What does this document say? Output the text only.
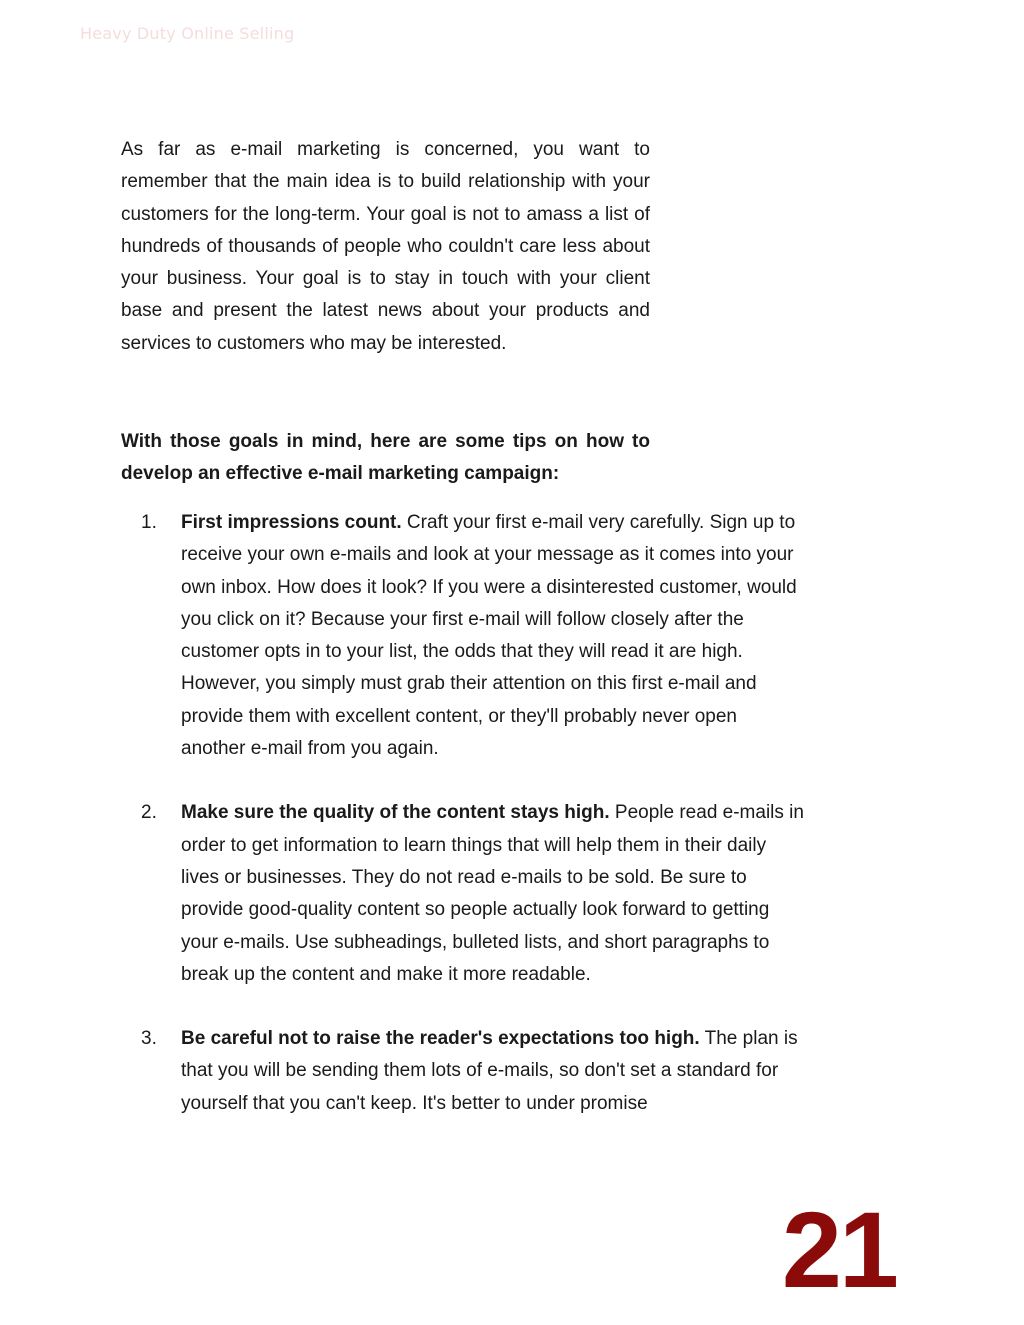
Heavy Duty Online Selling

As far as e-mail marketing is concerned, you want to remember that the main idea is to build relationship with your customers for the long-term. Your goal is not to amass a list of hundreds of thousands of people who couldn't care less about your business. Your goal is to stay in touch with your client base and present the latest news about your products and services to customers who may be interested.

With those goals in mind, here are some tips on how to develop an effective e-mail marketing campaign:

1. First impressions count. Craft your first e-mail very carefully. Sign up to receive your own e-mails and look at your message as it comes into your own inbox. How does it look? If you were a disinterested customer, would you click on it? Because your first e-mail will follow closely after the customer opts in to your list, the odds that they will read it are high. However, you simply must grab their attention on this first e-mail and provide them with excellent content, or they'll probably never open another e-mail from you again.
2. Make sure the quality of the content stays high. People read e-mails in order to get information to learn things that will help them in their daily lives or businesses. They do not read e-mails to be sold. Be sure to provide good-quality content so people actually look forward to getting your e-mails. Use subheadings, bulleted lists, and short paragraphs to break up the content and make it more readable.
3. Be careful not to raise the reader's expectations too high. The plan is that you will be sending them lots of e-mails, so don't set a standard for yourself that you can't keep. It's better to under promise
21
